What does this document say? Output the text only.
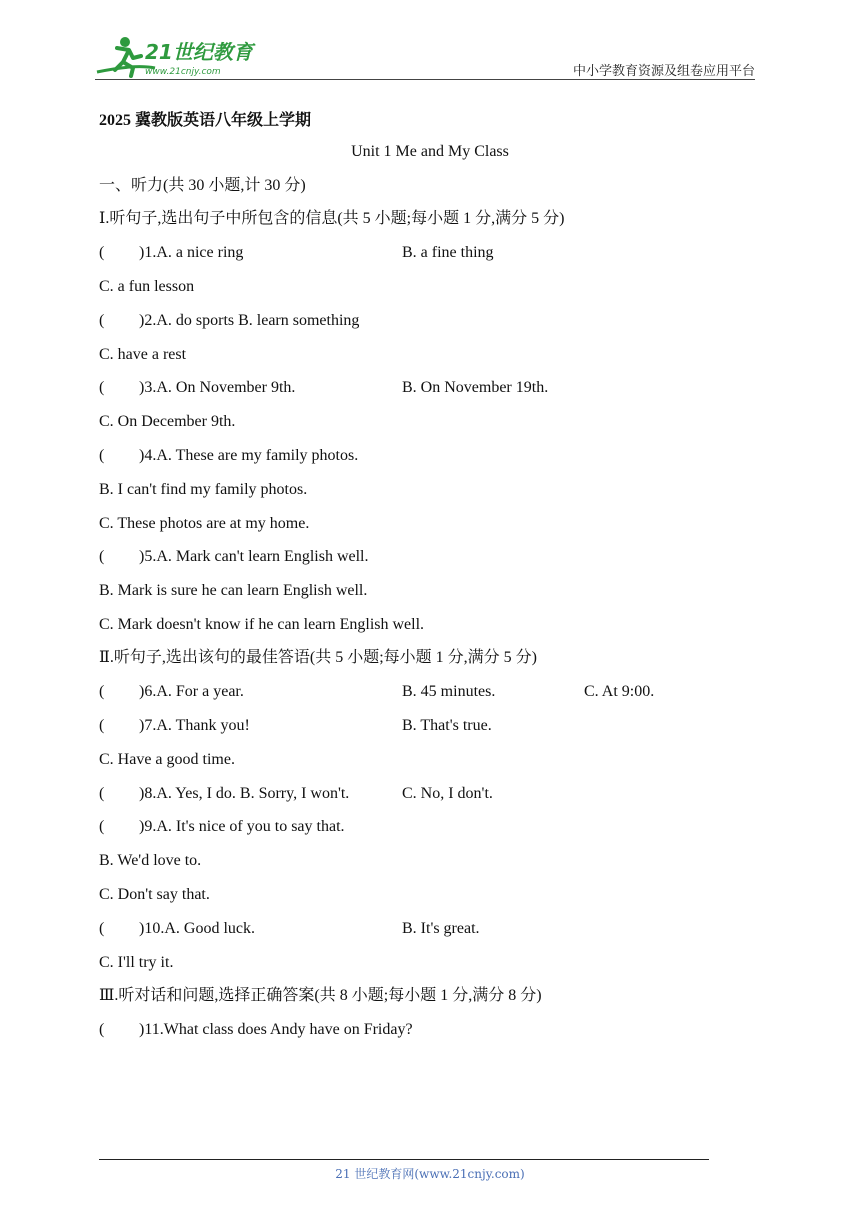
21世纪教育
www.21cnjy.com	中小学教育资源及组卷应用平台
2025 冀教版英语八年级上学期
Unit 1 Me and My Class
一、听力(共 30 小题,计 30 分)
Ⅰ.听句子,选出句子中所包含的信息(共 5 小题;每小题 1 分,满分 5 分)
( )1.A. a nice ring	B. a fine thing
C. a fun lesson
( )2.A. do sports B. learn something
C. have a rest
( )3.A. On November 9th.	B. On November 19th.
C. On December 9th.
( )4.A. These are my family photos.
B. I can't find my family photos.
C. These photos are at my home.
( )5.A. Mark can't learn English well.
B. Mark is sure he can learn English well.
C. Mark doesn't know if he can learn English well.
Ⅱ.听句子,选出该句的最佳答语(共 5 小题;每小题 1 分,满分 5 分)
( )6.A. For a year.	B. 45 minutes.	C. At 9:00.
( )7.A. Thank you!	B. That's true.
C. Have a good time.
( )8.A. Yes, I do. B. Sorry, I won't.	C. No, I don't.
( )9.A. It's nice of you to say that.
B. We'd love to.
C. Don't say that.
( )10.A. Good luck.	B. It's great.
C. I'll try it.
Ⅲ.听对话和问题,选择正确答案(共 8 小题;每小题 1 分,满分 8 分)
( )11.What class does Andy have on Friday?
21 世纪教育网(www.21cnjy.com)
